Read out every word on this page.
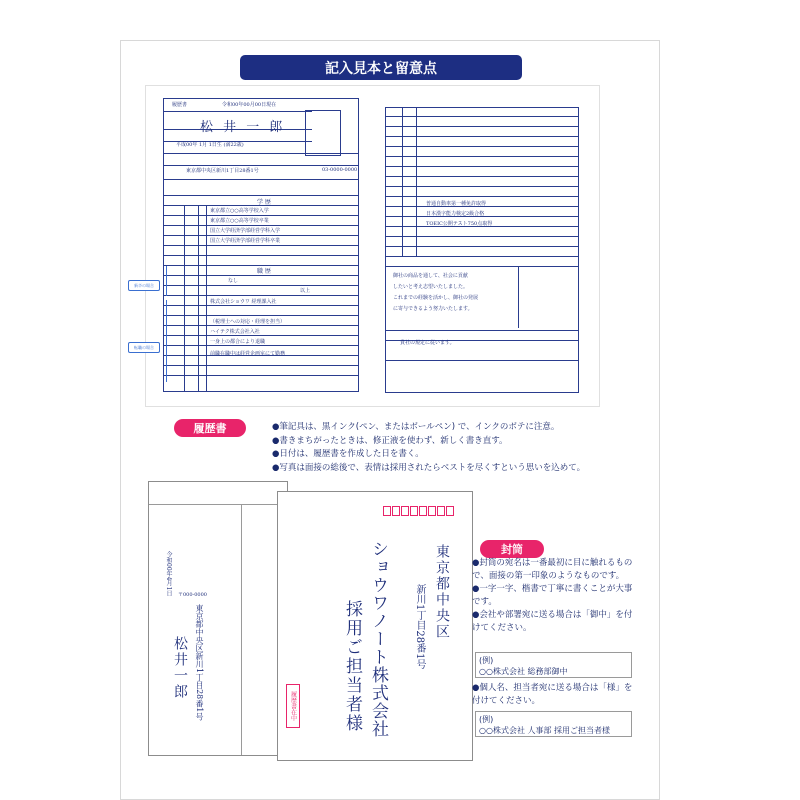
記入見本と留意点
履歴書	令和00年00月00日現在
松 井 一 郎
平成00年 1月 1日生 (満22歳)
東京都中央区新川1丁目28番1号	03-0000-0000
学 歴
東京都立○○高等学校入学
東京都立○○高等学校卒業
国立大学経済学部経営学科入学
国立大学経済学部経営学科卒業
職 歴
なし
以上
株式会社ショウワ 経理課入社
（税理士への対応・経理を担当）
ハイテク株式会社入社
一身上の都合により退職
前職在職中は経営企画室にて勤務
新卒の場合
転職の場合
普通自動車第一種免許取得
日本漢字能力検定2級合格
TOEIC公開テスト750点取得
御社の商品を通して、社会に貢献
したいと考え志望いたしました。
これまでの経験を活かし、御社の発展
に寄与できるよう努力いたします。
貴社の規定に従います。
履歴書	●筆記具は、黒インク(ペン、またはボールペン) で、インクのボテに注意。
●書きまちがったときは、修正液を使わず、新しく書き直す。
●日付は、履歴書を作成した日を書く。
●写真は面接の総後で、表情は採用されたらベストを尽くすという思いを込めて。
令和00年4月1日 〒000-0000
東京都中央区新川1丁目28番1号
松井一郎
東京都中央区
新川1丁目28番1号
ショウワノート株式会社
採用ご担当者様
履歴書在中
封筒
●封筒の宛名は一番最初に目に触れるもので、面接の第一印象のようなものです。
●一字一字、楷書で丁寧に書くことが大事です。
●会社や部署宛に送る場合は「御中」を付けてください。
(例)
○○株式会社 総務部御中
●個人名、担当者宛に送る場合は「様」を付けてください。
(例)
○○株式会社 人事部 採用ご担当者様
